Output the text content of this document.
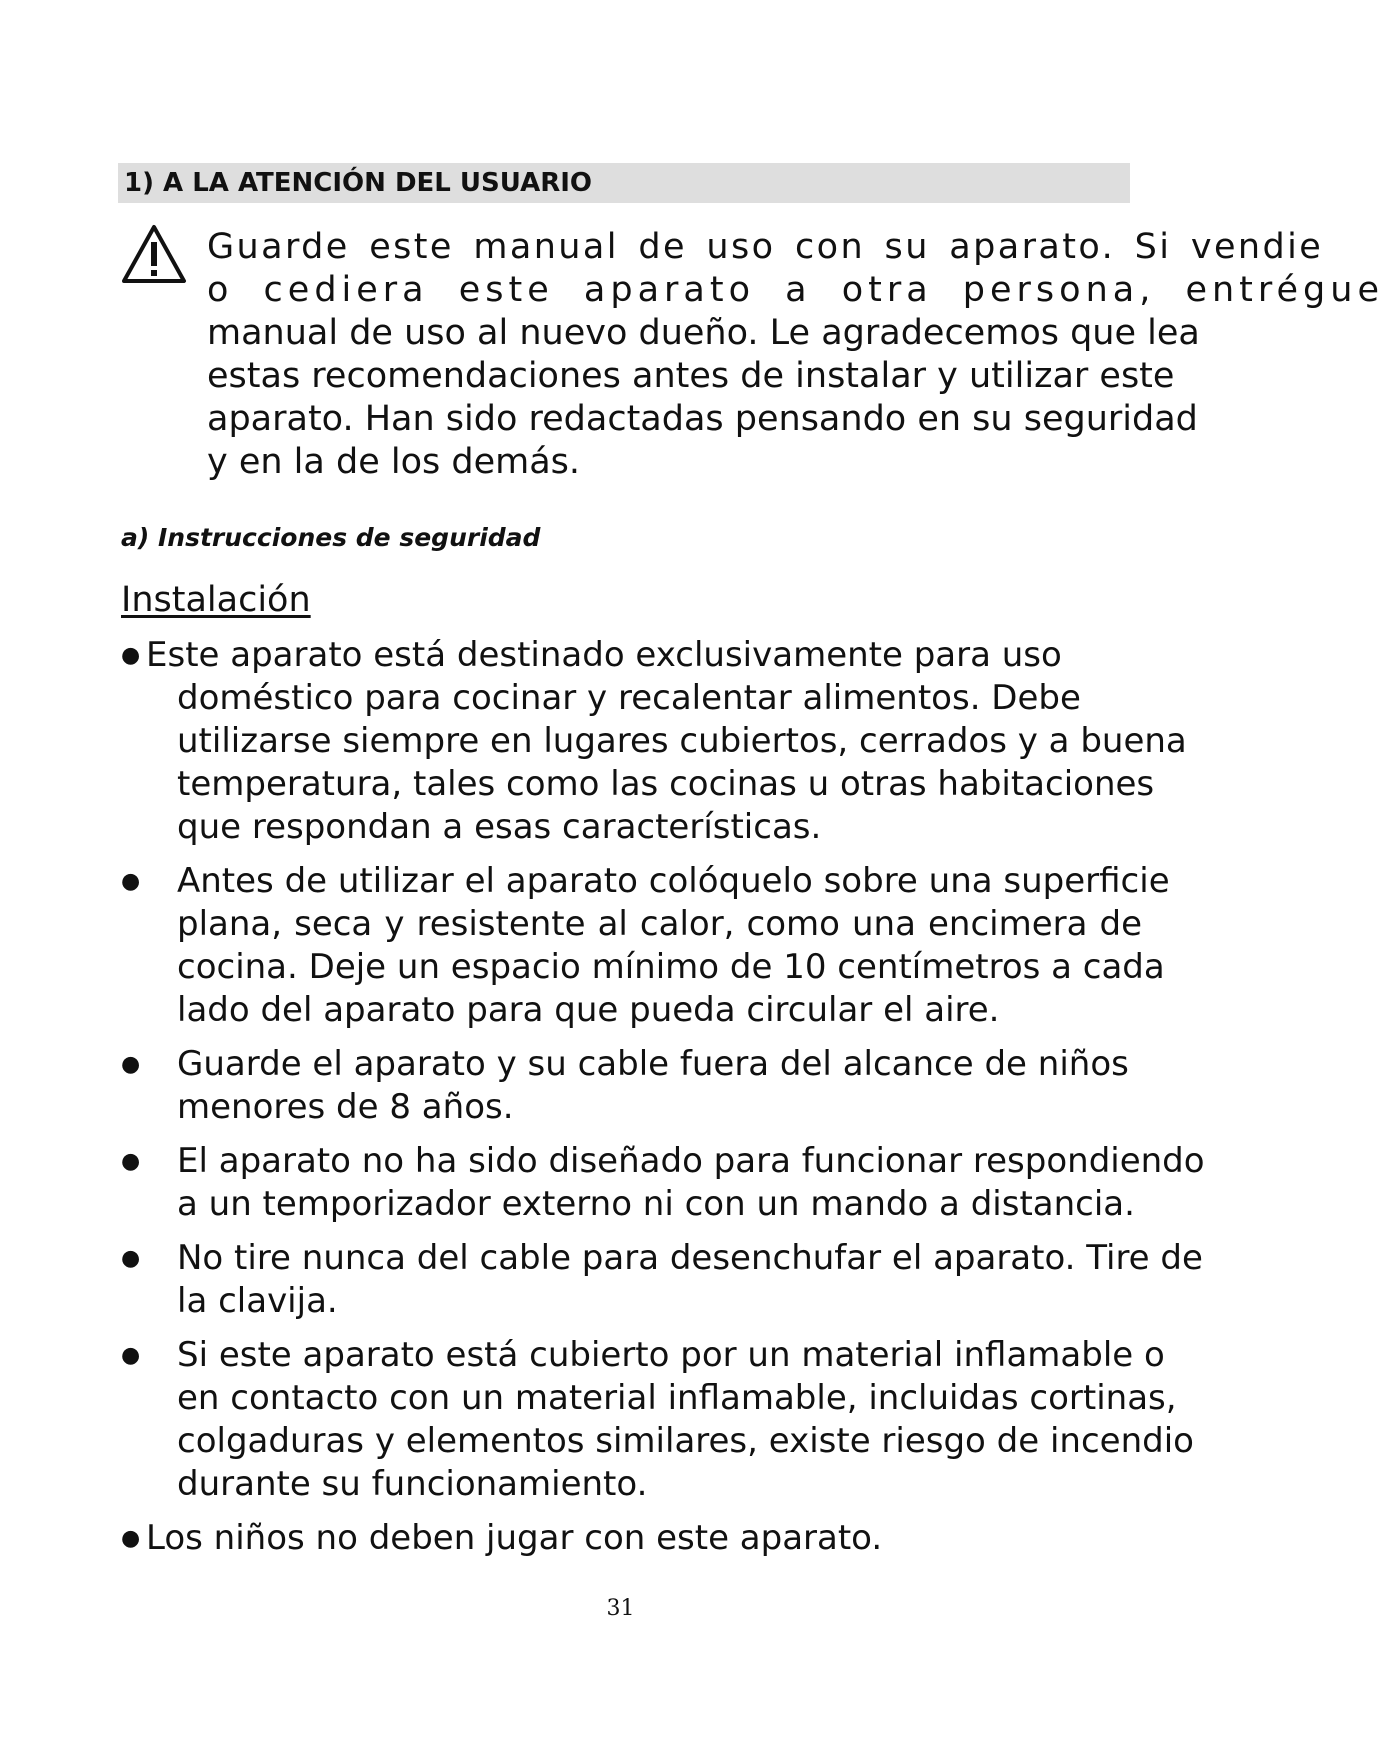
1) A LA ATENCIÓN DEL USUARIO
Guarde este manual de uso con su aparato. Si vendie
o cediera este aparato a otra persona, entrégue
manual de uso al nuevo dueño. Le agradecemos que lea
estas recomendaciones antes de instalar y utilizar este
aparato. Han sido redactadas pensando en su seguridad
y en la de los demás.
a) Instrucciones de seguridad
Instalación
● Este aparato está destinado exclusivamente para uso
doméstico para cocinar y recalentar alimentos. Debe
utilizarse siempre en lugares cubiertos, cerrados y a buena
temperatura, tales como las cocinas u otras habitaciones
que respondan a esas características.
● Antes de utilizar el aparato colóquelo sobre una superficie
plana, seca y resistente al calor, como una encimera de
cocina. Deje un espacio mínimo de 10 centímetros a cada
lado del aparato para que pueda circular el aire.
● Guarde el aparato y su cable fuera del alcance de niños
menores de 8 años.
● El aparato no ha sido diseñado para funcionar respondiendo
a un temporizador externo ni con un mando a distancia.
● No tire nunca del cable para desenchufar el aparato. Tire de
la clavija.
● Si este aparato está cubierto por un material inflamable o
en contacto con un material inflamable, incluidas cortinas,
colgaduras y elementos similares, existe riesgo de incendio
durante su funcionamiento.
● Los niños no deben jugar con este aparato.
31
